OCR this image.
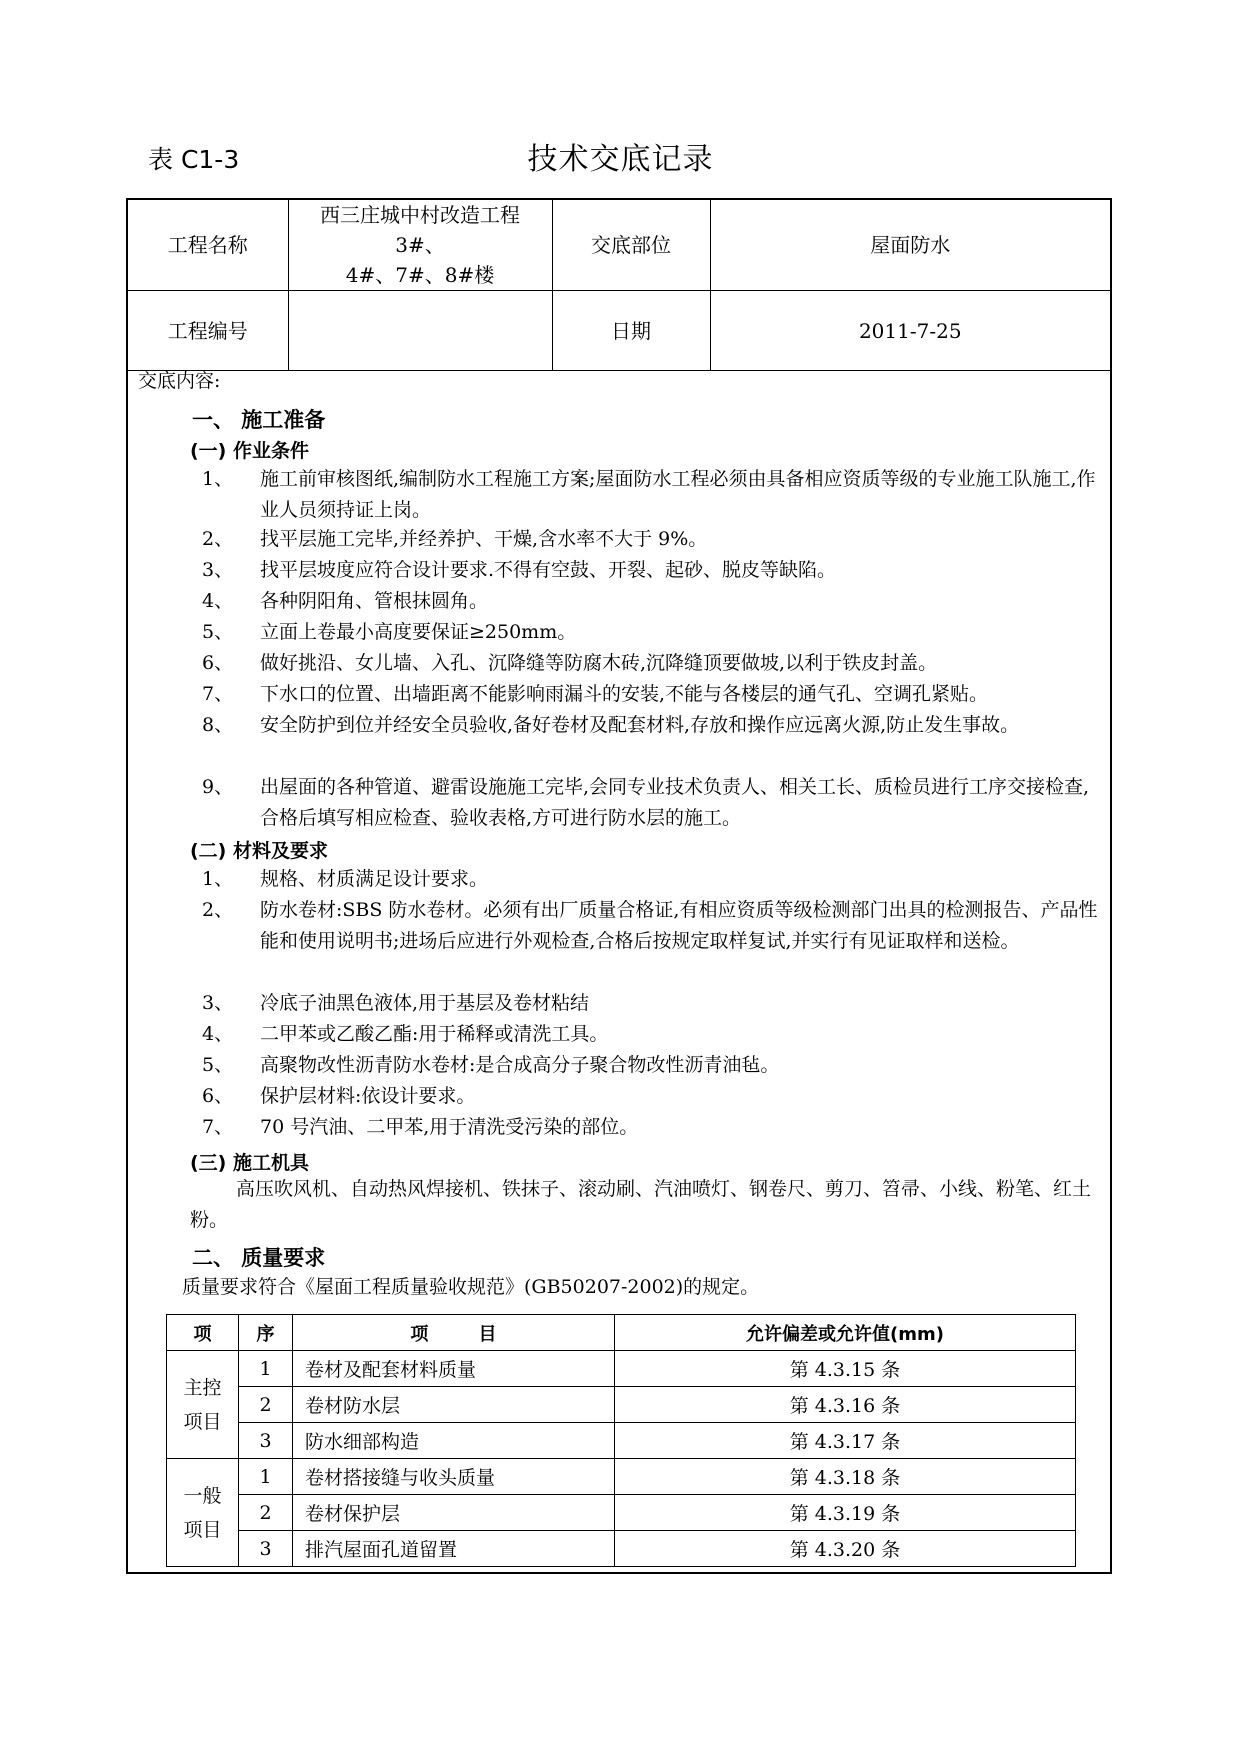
表 C1-3	技术交底记录
工程名称	西三庄城中村改造工程 3#、
4#、7#、8#楼	交底部位	屋面防水
工程编号		日期	2011-7-25
交底内容:
一、 施工准备
(一) 作业条件
1、 施工前审核图纸,编制防水工程施工方案;屋面防水工程必须由具备相应资质等级的专业施工队施工,作业人员须持证上岗。
2、 找平层施工完毕,并经养护、干燥,含水率不大于 9%。
3、 找平层坡度应符合设计要求.不得有空鼓、开裂、起砂、脱皮等缺陷。
4、 各种阴阳角、管根抹圆角。
5、 立面上卷最小高度要保证≥250mm。
6、 做好挑沿、女儿墙、入孔、沉降缝等防腐木砖,沉降缝顶要做坡,以利于铁皮封盖。
7、 下水口的位置、出墙距离不能影响雨漏斗的安装,不能与各楼层的通气孔、空调孔紧贴。
8、 安全防护到位并经安全员验收,备好卷材及配套材料,存放和操作应远离火源,防止发生事故。
9、 出屋面的各种管道、避雷设施施工完毕,会同专业技术负责人、相关工长、质检员进行工序交接检查,合格后填写相应检查、验收表格,方可进行防水层的施工。
(二) 材料及要求
1、 规格、材质满足设计要求。
2、 防水卷材:SBS 防水卷材。必须有出厂质量合格证,有相应资质等级检测部门出具的检测报告、产品性能和使用说明书;进场后应进行外观检查,合格后按规定取样复试,并实行有见证取样和送检。
3、 冷底子油黑色液体,用于基层及卷材粘结
4、 二甲苯或乙酸乙酯:用于稀释或清洗工具。
5、 高聚物改性沥青防水卷材:是合成高分子聚合物改性沥青油毡。
6、 保护层材料:依设计要求。
7、 70 号汽油、二甲苯,用于清洗受污染的部位。
(三) 施工机具
高压吹风机、自动热风焊接机、铁抹子、滚动刷、汽油喷灯、钢卷尺、剪刀、笤帚、小线、粉笔、红土粉。
二、 质量要求
质量要求符合《屋面工程质量验收规范》(GB50207-2002)的规定。
项	序	项        目	允许偏差或允许值(mm)

主控
项目	1	卷材及配套材料质量	第 4.3.15 条
	2	卷材防水层	第 4.3.16 条
	3	防水细部构造	第 4.3.17 条

一般
项目	1	卷材搭接缝与收头质量	第 4.3.18 条
	2	卷材保护层	第 4.3.19 条
	3	排汽屋面孔道留置	第 4.3.20 条
